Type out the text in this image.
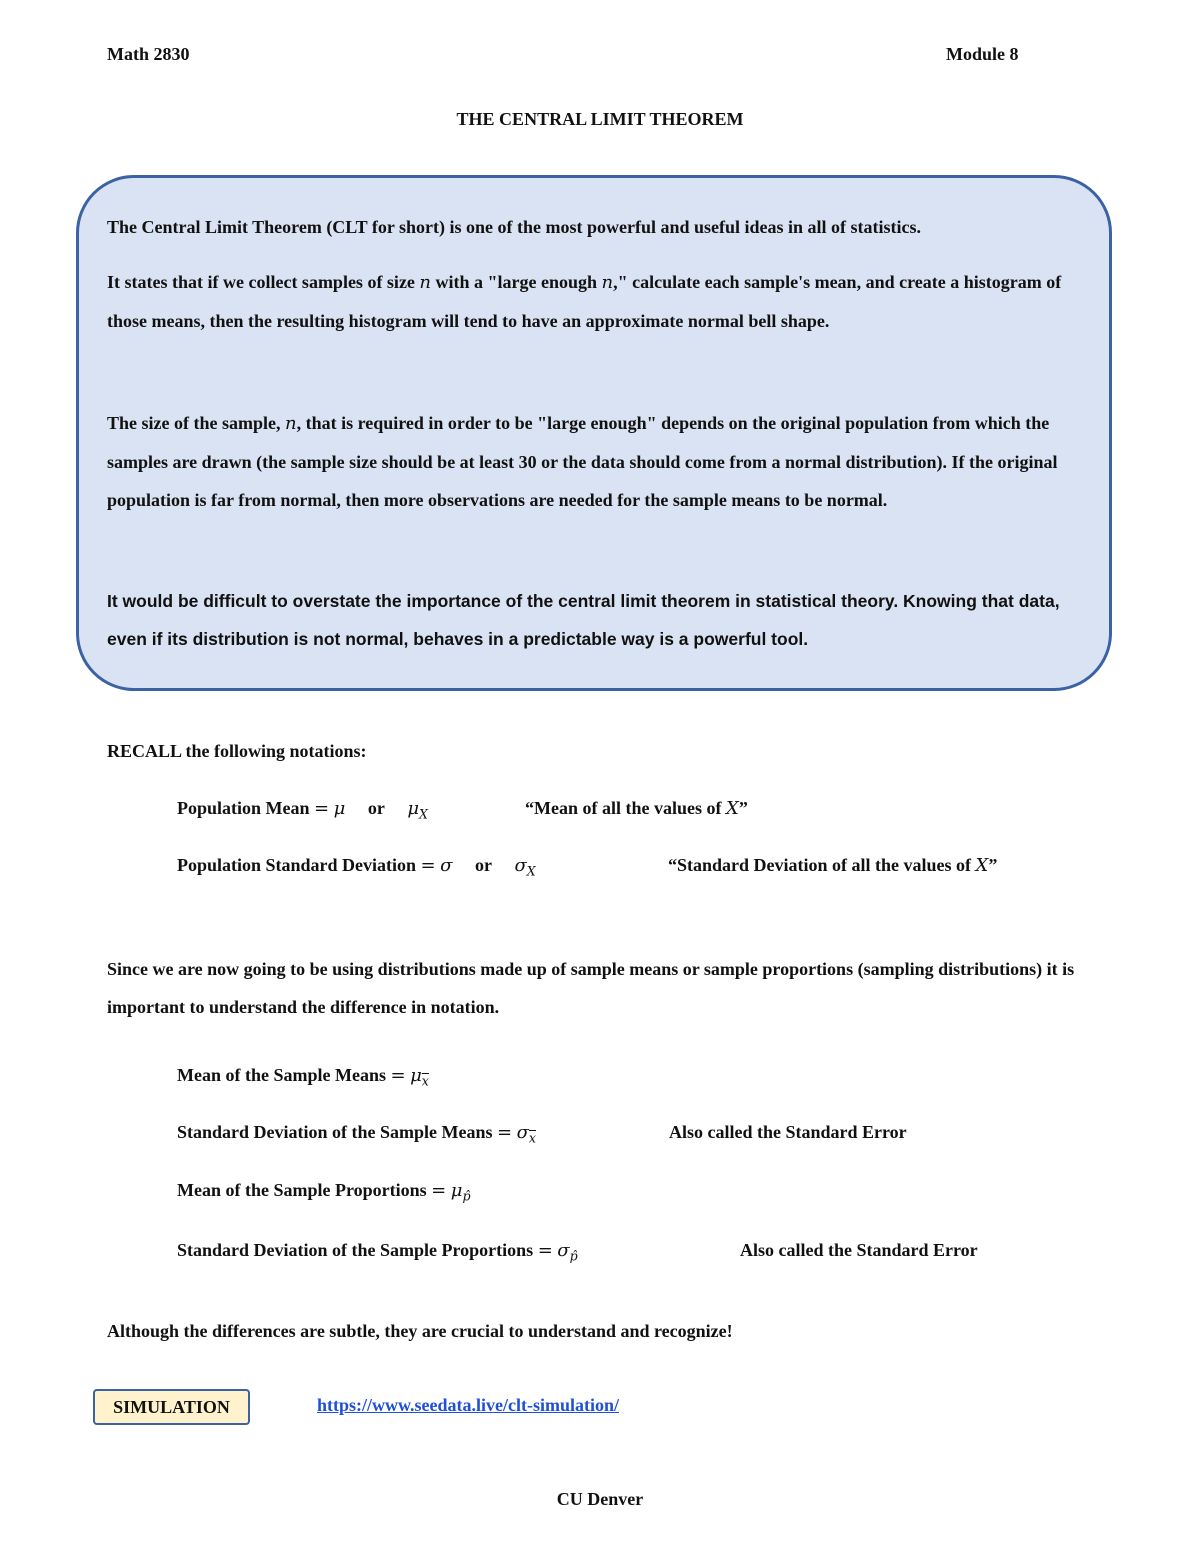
Math 2830	Module 8
THE CENTRAL LIMIT THEOREM

The Central Limit Theorem (CLT for short) is one of the most powerful and useful ideas in all of statistics.

It states that if we collect samples of size n with a "large enough n," calculate each sample's mean, and create a histogram of those means, then the resulting histogram will tend to have an approximate normal bell shape.

The size of the sample, n, that is required in order to be "large enough" depends on the original population from which the samples are drawn (the sample size should be at least 30 or the data should come from a normal distribution). If the original population is far from normal, then more observations are needed for the sample means to be normal.

It would be difficult to overstate the importance of the central limit theorem in statistical theory. Knowing that data, even if its distribution is not normal, behaves in a predictable way is a powerful tool.

RECALL the following notations:
Population Mean = μ or $\mu_X$	“Mean of all the values of X”
Population Standard Deviation = σ or $\sigma_X$	“Standard Deviation of all the values of X”
Since we are now going to be using distributions made up of sample means or sample proportions (sampling distributions) it is important to understand the difference in notation.
Mean of the Sample Means = $\mu_{\overline{x}}$
Standard Deviation of the Sample Means = $\sigma_{\overline{x}}$	Also called the Standard Error
Mean of the Sample Proportions = $\mu_{p̂}$
Standard Deviation of the Sample Proportions = $\sigma_{p̂}$	Also called the Standard Error
Although the differences are subtle, they are crucial to understand and recognize!
SIMULATION	https://www.seedata.live/clt-simulation/
CU Denver
